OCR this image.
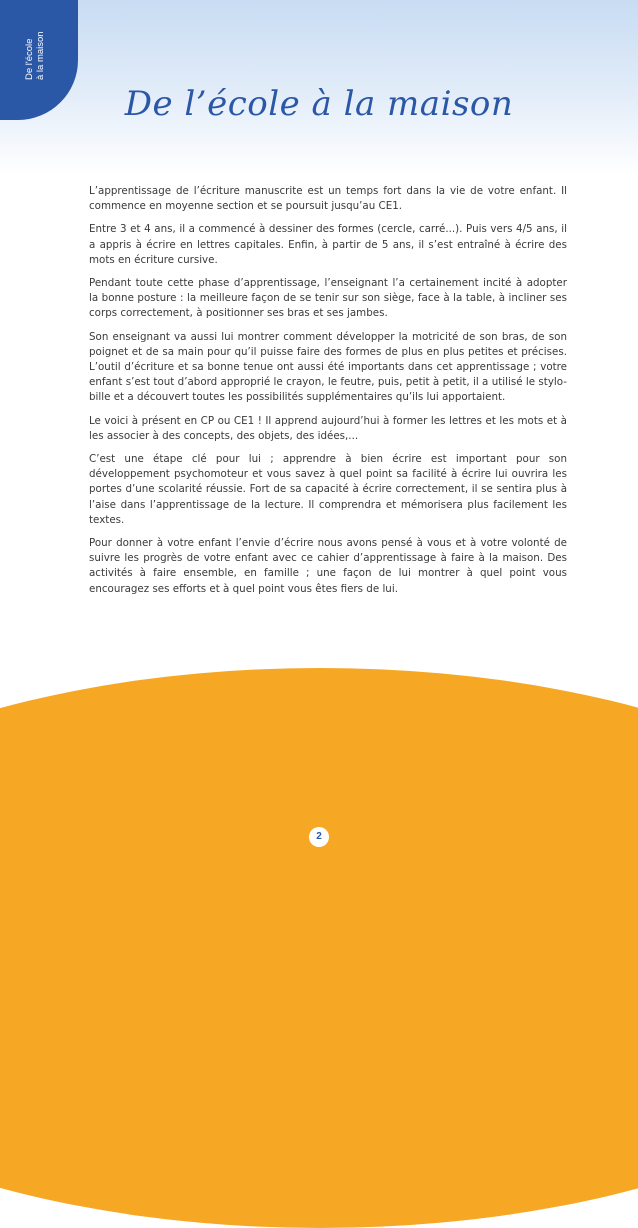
De l'école à la maison
De l’école à la maison

L’apprentissage de l’écriture manuscrite est un temps fort dans la vie de votre enfant. Il commence en moyenne section et se poursuit jusqu’au CE1.

Entre 3 et 4 ans, il a commencé à dessiner des formes (cercle, carré...). Puis vers 4/5 ans, il a appris à écrire en lettres capitales. Enfin, à partir de 5 ans, il s’est entraîné à écrire des mots en écriture cursive.

Pendant toute cette phase d’apprentissage, l’enseignant l’a certainement incité à adopter la bonne posture : la meilleure façon de se tenir sur son siège, face à la table, à incliner ses corps correctement, à positionner ses bras et ses jambes.

Son enseignant va aussi lui montrer comment développer la motricité de son bras, de son poignet et de sa main pour qu’il puisse faire des formes de plus en plus petites et précises. L’outil d’écriture et sa bonne tenue ont aussi été importants dans cet apprentissage ; votre enfant s’est tout d’abord approprié le crayon, le feutre, puis, petit à petit, il a utilisé le stylo-bille et a découvert toutes les possibilités supplémentaires qu’ils lui apportaient.

Le voici à présent en CP ou CE1 ! Il apprend aujourd’hui à former les lettres et les mots et à les associer à des concepts, des objets, des idées,...

C’est une étape clé pour lui ; apprendre à bien écrire est important pour son développement psychomoteur et vous savez à quel point sa facilité à écrire lui ouvrira les portes d’une scolarité réussie. Fort de sa capacité à écrire correctement, il se sentira plus à l’aise dans l’apprentissage de la lecture. Il comprendra et mémorisera plus facilement les textes.

Pour donner à votre enfant l’envie d’écrire nous avons pensé à vous et à votre volonté de suivre les progrès de votre enfant avec ce cahier d’apprentissage à faire à la maison. Des activités à faire ensemble, en famille ; une façon de lui montrer à quel point vous encouragez ses efforts et à quel point vous êtes fiers de lui.

2
